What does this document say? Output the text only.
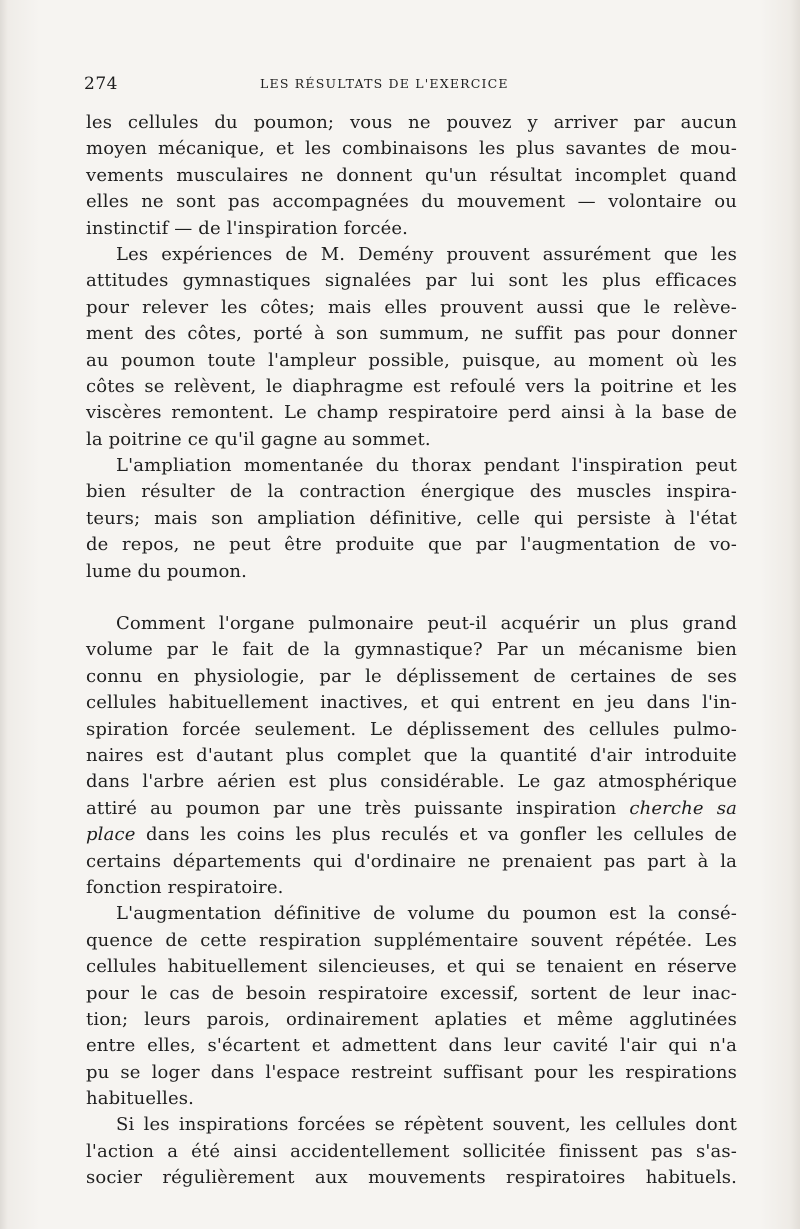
274	LES RÉSULTATS DE L'EXERCICE
les cellules du poumon; vous ne pouvez y arriver par aucun
moyen mécanique, et les combinaisons les plus savantes de mou-
vements musculaires ne donnent qu'un résultat incomplet quand
elles ne sont pas accompagnées du mouvement — volontaire ou
instinctif — de l'inspiration forcée.
Les expériences de M. Demény prouvent assurément que les
attitudes gymnastiques signalées par lui sont les plus efficaces
pour relever les côtes; mais elles prouvent aussi que le relève-
ment des côtes, porté à son summum, ne suffit pas pour donner
au poumon toute l'ampleur possible, puisque, au moment où les
côtes se relèvent, le diaphragme est refoulé vers la poitrine et les
viscères remontent. Le champ respiratoire perd ainsi à la base de
la poitrine ce qu'il gagne au sommet.
L'ampliation momentanée du thorax pendant l'inspiration peut
bien résulter de la contraction énergique des muscles inspira-
teurs; mais son ampliation définitive, celle qui persiste à l'état
de repos, ne peut être produite que par l'augmentation de vo-
lume du poumon.
Comment l'organe pulmonaire peut-il acquérir un plus grand
volume par le fait de la gymnastique? Par un mécanisme bien
connu en physiologie, par le déplissement de certaines de ses
cellules habituellement inactives, et qui entrent en jeu dans l'in-
spiration forcée seulement. Le déplissement des cellules pulmo-
naires est d'autant plus complet que la quantité d'air introduite
dans l'arbre aérien est plus considérable. Le gaz atmosphérique
attiré au poumon par une très puissante inspiration cherche sa
place dans les coins les plus reculés et va gonfler les cellules de
certains départements qui d'ordinaire ne prenaient pas part à la
fonction respiratoire.
L'augmentation définitive de volume du poumon est la consé-
quence de cette respiration supplémentaire souvent répétée. Les
cellules habituellement silencieuses, et qui se tenaient en réserve
pour le cas de besoin respiratoire excessif, sortent de leur inac-
tion; leurs parois, ordinairement aplaties et même agglutinées
entre elles, s'écartent et admettent dans leur cavité l'air qui n'a
pu se loger dans l'espace restreint suffisant pour les respirations
habituelles.
Si les inspirations forcées se répètent souvent, les cellules dont
l'action a été ainsi accidentellement sollicitée finissent pas s'as-
socier régulièrement aux mouvements respiratoires habituels.
